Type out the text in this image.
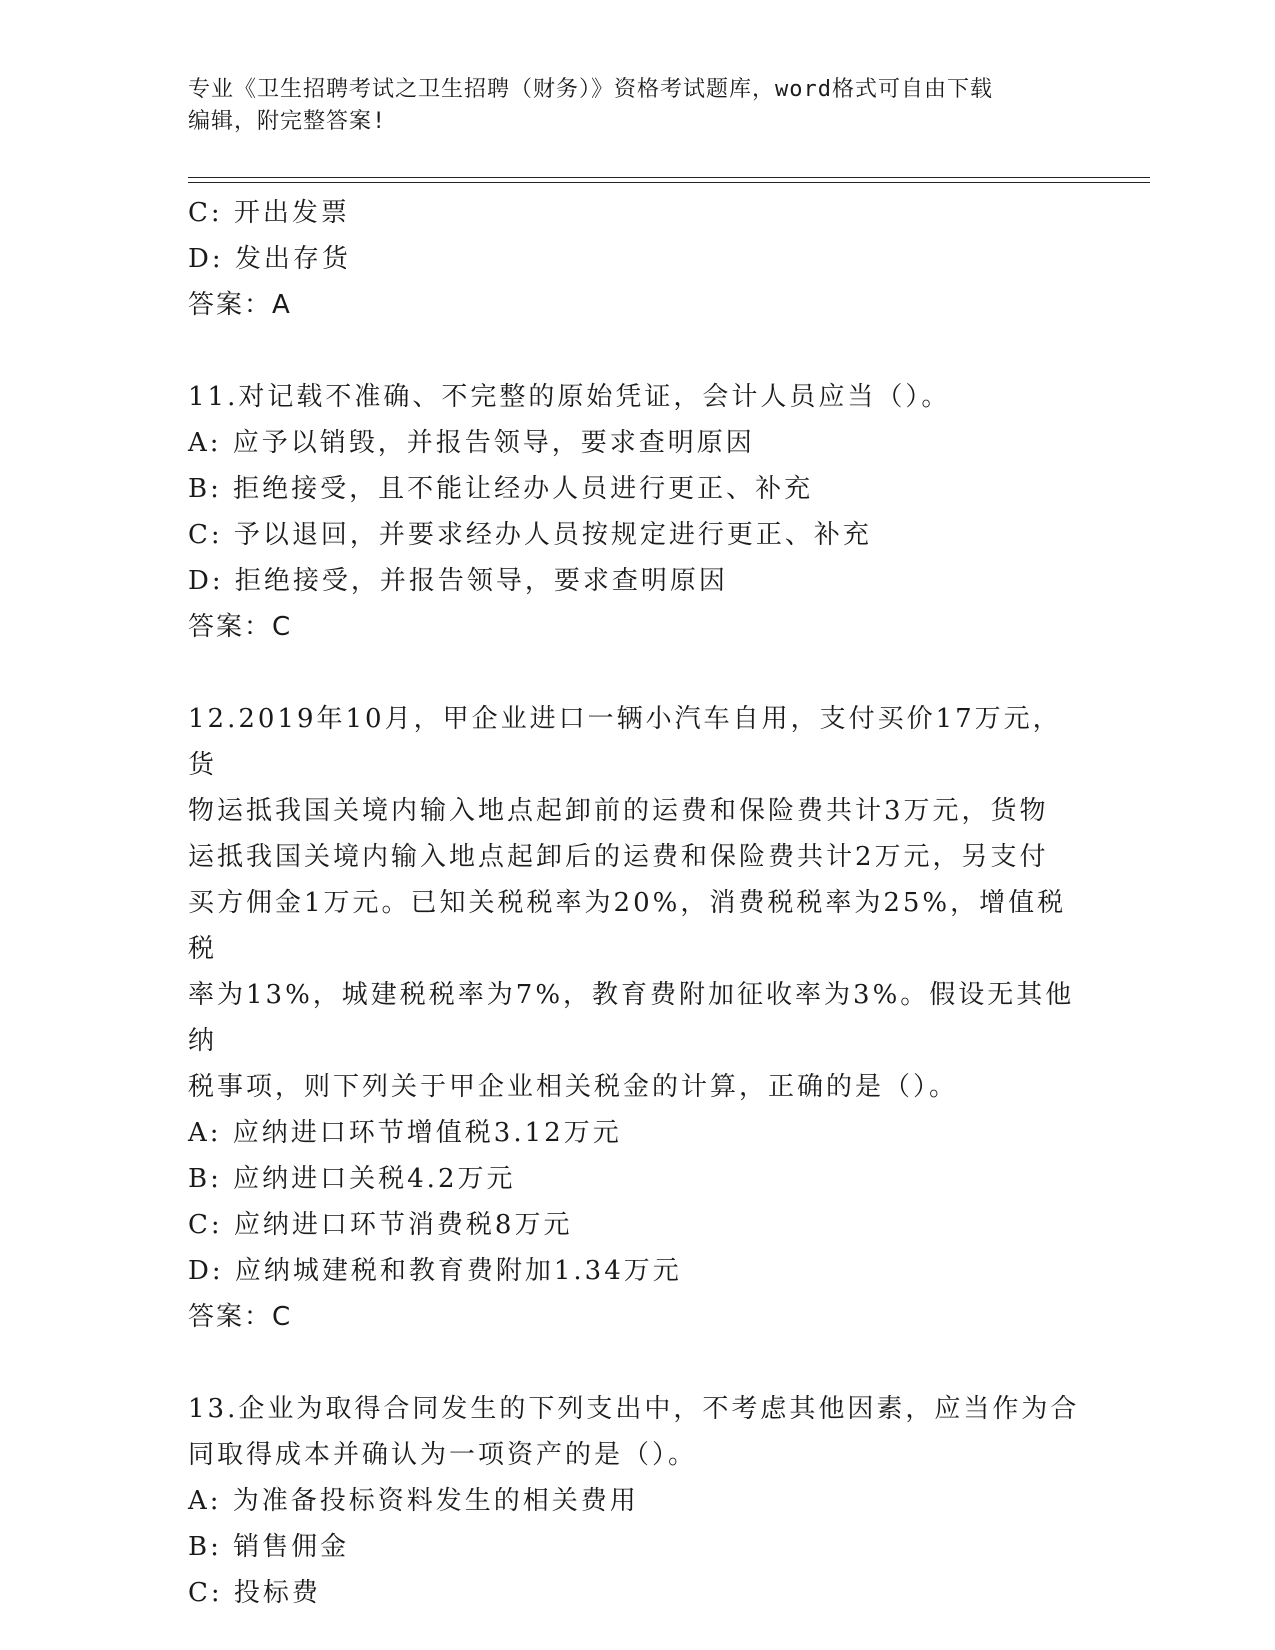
专业《卫生招聘考试之卫生招聘（财务）》资格考试题库，word格式可自由下载
编辑，附完整答案!
C: 开出发票
D: 发出存货
答案：A
11.对记载不准确、不完整的原始凭证，会计人员应当（）。
A: 应予以销毁，并报告领导，要求查明原因
B: 拒绝接受，且不能让经办人员进行更正、补充
C: 予以退回，并要求经办人员按规定进行更正、补充
D: 拒绝接受，并报告领导，要求查明原因
答案：C
12.2019年10月，甲企业进口一辆小汽车自用，支付买价17万元，货
物运抵我国关境内输入地点起卸前的运费和保险费共计3万元，货物
运抵我国关境内输入地点起卸后的运费和保险费共计2万元，另支付
买方佣金1万元。已知关税税率为20%，消费税税率为25%，增值税税
率为13%，城建税税率为7%，教育费附加征收率为3%。假设无其他纳
税事项，则下列关于甲企业相关税金的计算，正确的是（）。
A: 应纳进口环节增值税3.12万元
B: 应纳进口关税4.2万元
C: 应纳进口环节消费税8万元
D: 应纳城建税和教育费附加1.34万元
答案：C
13.企业为取得合同发生的下列支出中，不考虑其他因素，应当作为合
同取得成本并确认为一项资产的是（）。
A: 为准备投标资料发生的相关费用
B: 销售佣金
C: 投标费
